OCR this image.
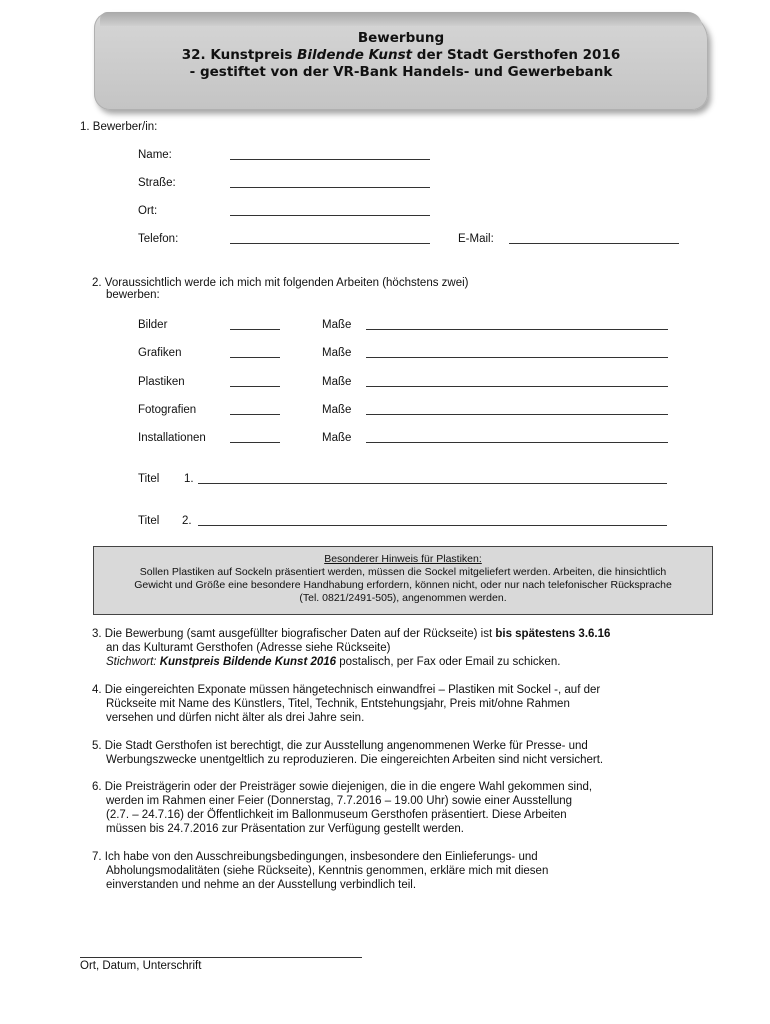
Bewerbung
32. Kunstpreis Bildende Kunst der Stadt Gersthofen 2016
- gestiftet von der VR-Bank Handels- und Gewerbebank
1. Bewerber/in:
Name:
Straße:
Ort:
Telefon:	E-Mail:
2. Voraussichtlich werde ich mich mit folgenden Arbeiten (höchstens zwei)
bewerben:
Bilder	Maße
Grafiken	Maße
Plastiken	Maße
Fotografien	Maße
Installationen	Maße
Titel 1.
Titel 2.
Besonderer Hinweis für Plastiken:
Sollen Plastiken auf Sockeln präsentiert werden, müssen die Sockel mitgeliefert werden. Arbeiten, die hinsichtlich
Gewicht und Größe eine besondere Handhabung erfordern, können nicht, oder nur nach telefonischer Rücksprache
(Tel. 0821/2491-505), angenommen werden.
3. Die Bewerbung (samt ausgefüllter biografischer Daten auf der Rückseite) ist bis spätestens 3.6.16
an das Kulturamt Gersthofen (Adresse siehe Rückseite)
Stichwort: Kunstpreis Bildende Kunst 2016 postalisch, per Fax oder Email zu schicken.
4. Die eingereichten Exponate müssen hängetechnisch einwandfrei – Plastiken mit Sockel -, auf der
Rückseite mit Name des Künstlers, Titel, Technik, Entstehungsjahr, Preis mit/ohne Rahmen
versehen und dürfen nicht älter als drei Jahre sein.
5. Die Stadt Gersthofen ist berechtigt, die zur Ausstellung angenommenen Werke für Presse- und
Werbungszwecke unentgeltlich zu reproduzieren. Die eingereichten Arbeiten sind nicht versichert.
6. Die Preisträgerin oder der Preisträger sowie diejenigen, die in die engere Wahl gekommen sind,
werden im Rahmen einer Feier (Donnerstag, 7.7.2016 – 19.00 Uhr) sowie einer Ausstellung
(2.7. – 24.7.16) der Öffentlichkeit im Ballonmuseum Gersthofen präsentiert. Diese Arbeiten
müssen bis 24.7.2016 zur Präsentation zur Verfügung gestellt werden.
7. Ich habe von den Ausschreibungsbedingungen, insbesondere den Einlieferungs- und
Abholungsmodalitäten (siehe Rückseite), Kenntnis genommen, erkläre mich mit diesen
einverstanden und nehme an der Ausstellung verbindlich teil.
Ort, Datum, Unterschrift
